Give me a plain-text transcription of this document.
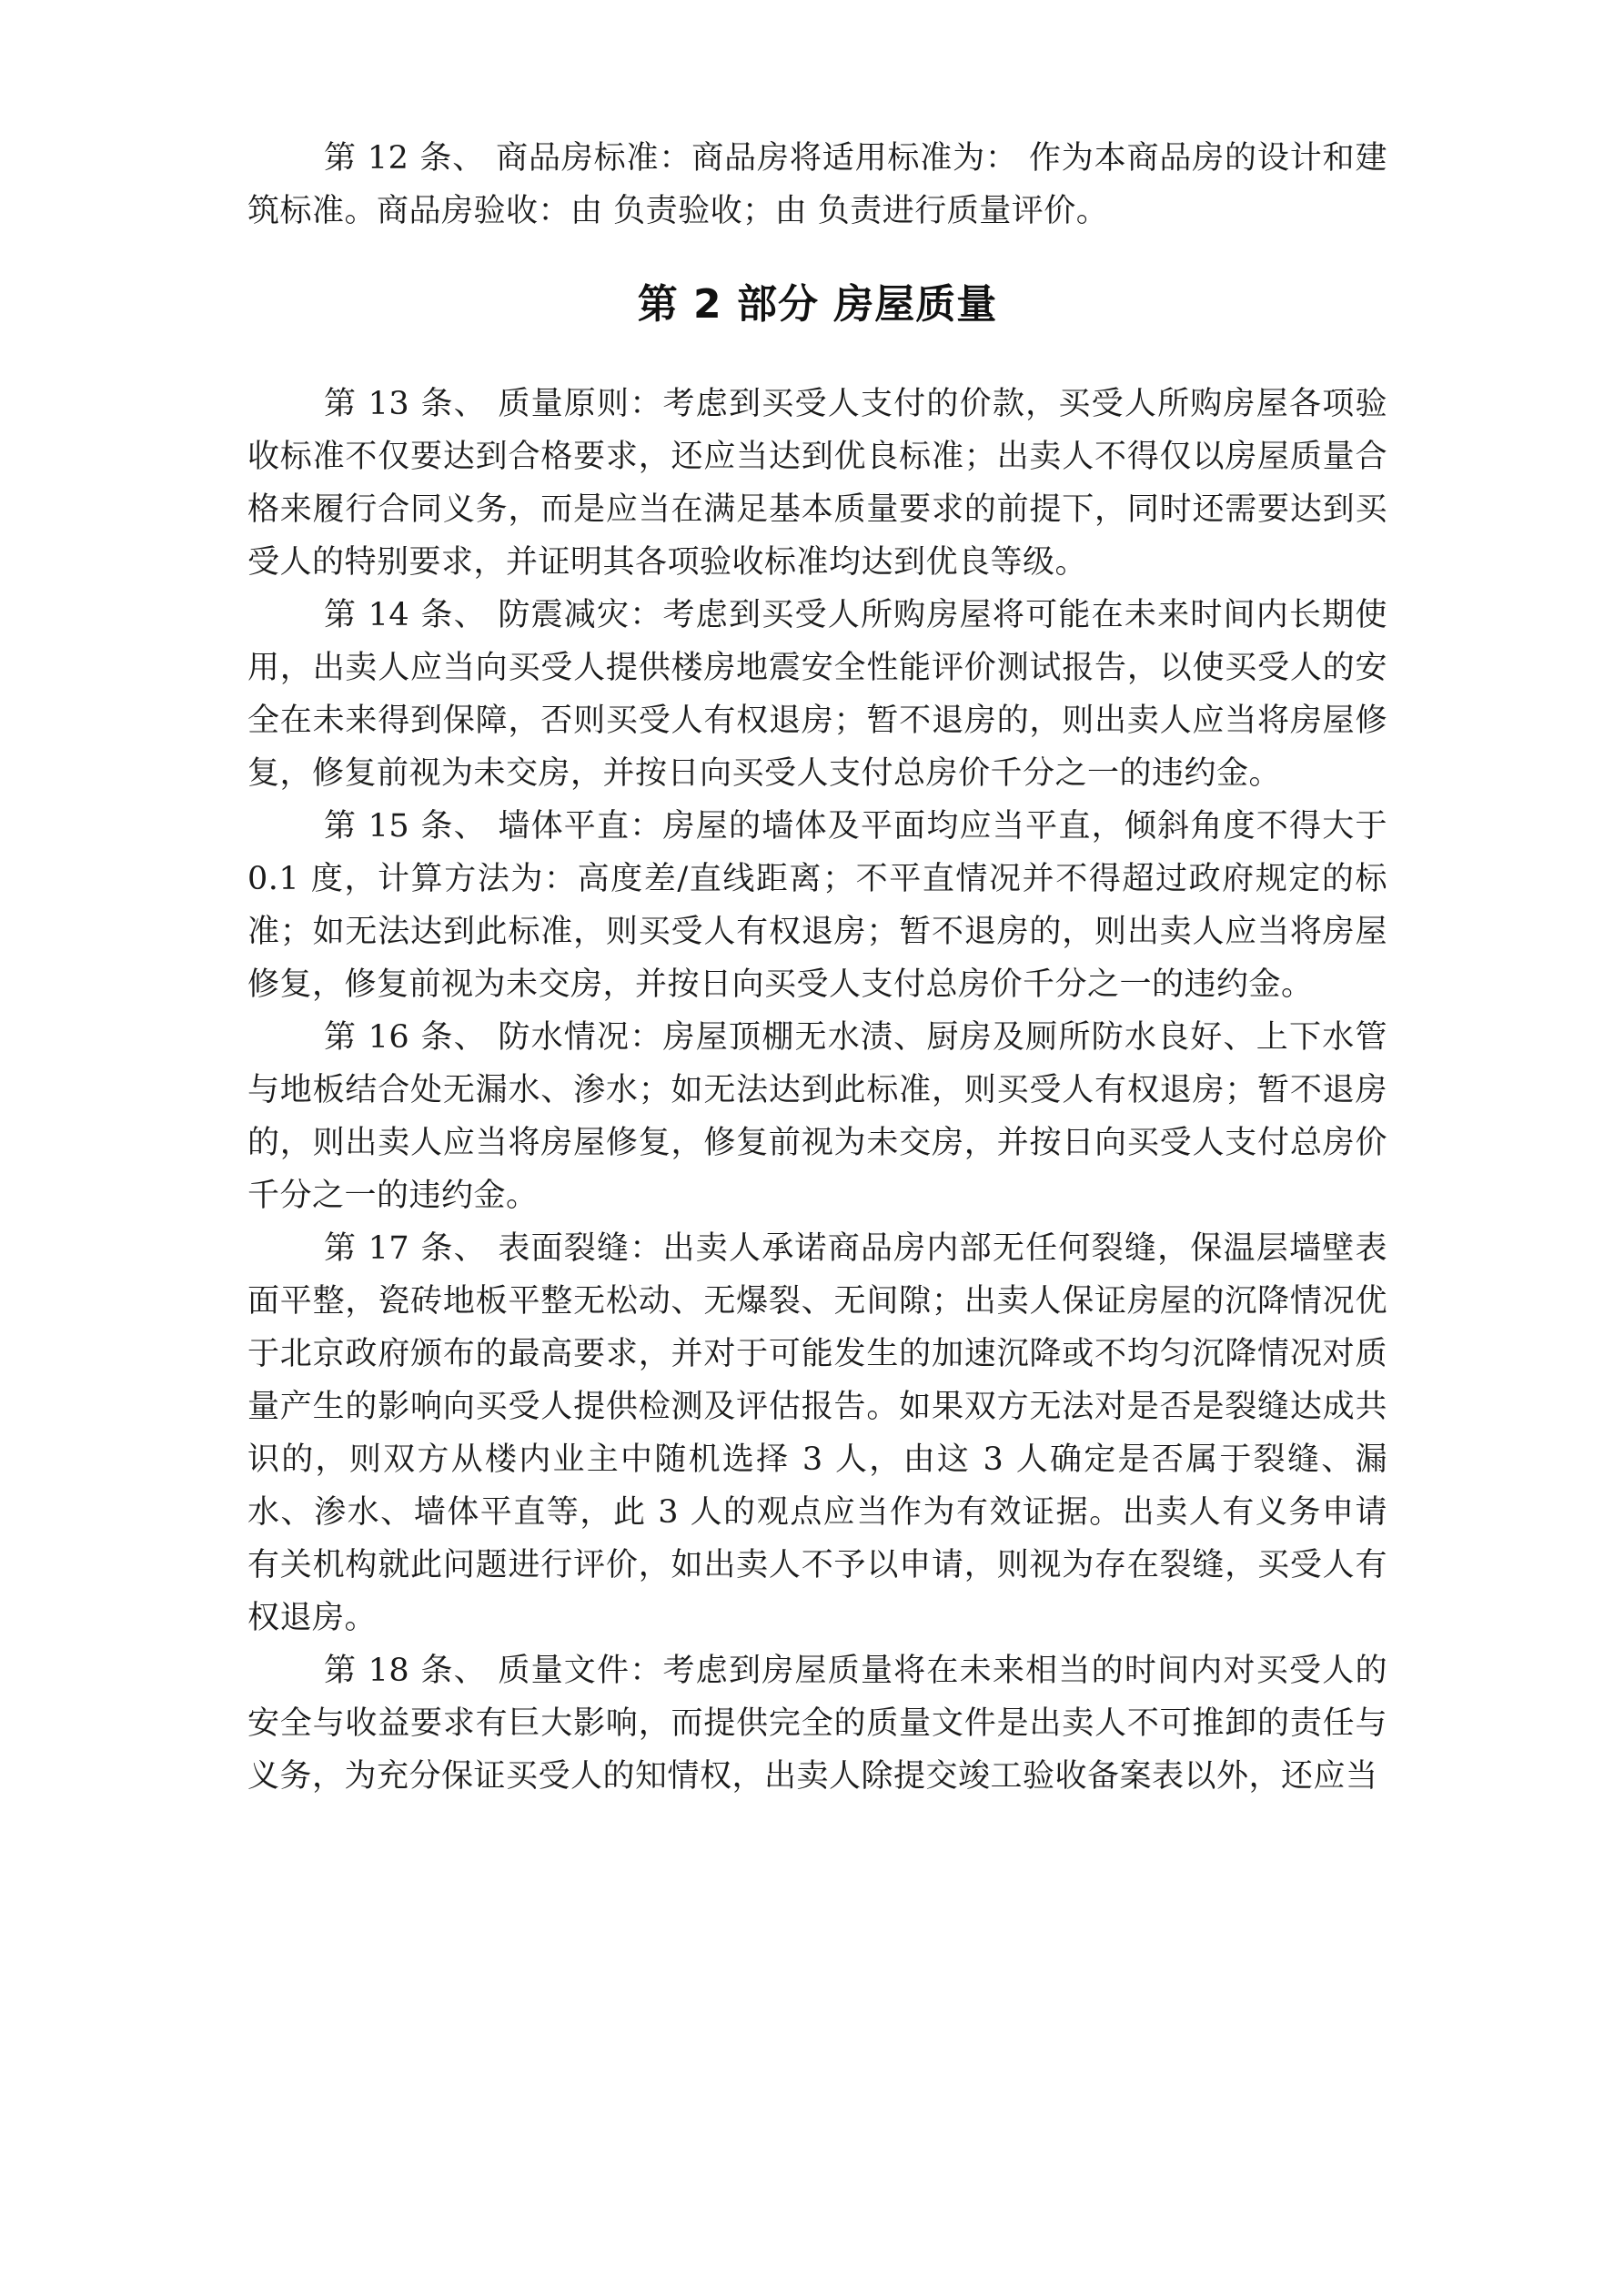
第 12 条、 商品房标准：商品房将适用标准为： 作为本商品房的设计和建筑标准。商品房验收：由 负责验收；由 负责进行质量评价。

第 2 部分 房屋质量

第 13 条、 质量原则：考虑到买受人支付的价款，买受人所购房屋各项验收标准不仅要达到合格要求，还应当达到优良标准；出卖人不得仅以房屋质量合格来履行合同义务，而是应当在满足基本质量要求的前提下，同时还需要达到买受人的特别要求，并证明其各项验收标准均达到优良等级。

第 14 条、 防震减灾：考虑到买受人所购房屋将可能在未来时间内长期使用，出卖人应当向买受人提供楼房地震安全性能评价测试报告，以使买受人的安全在未来得到保障，否则买受人有权退房；暂不退房的，则出卖人应当将房屋修复，修复前视为未交房，并按日向买受人支付总房价千分之一的违约金。

第 15 条、 墙体平直：房屋的墙体及平面均应当平直，倾斜角度不得大于 0.1 度，计算方法为：高度差/直线距离；不平直情况并不得超过政府规定的标准；如无法达到此标准，则买受人有权退房；暂不退房的，则出卖人应当将房屋修复，修复前视为未交房，并按日向买受人支付总房价千分之一的违约金。

第 16 条、 防水情况：房屋顶棚无水渍、厨房及厕所防水良好、上下水管与地板结合处无漏水、渗水；如无法达到此标准，则买受人有权退房；暂不退房的，则出卖人应当将房屋修复，修复前视为未交房，并按日向买受人支付总房价千分之一的违约金。

第 17 条、 表面裂缝：出卖人承诺商品房内部无任何裂缝，保温层墙壁表面平整，瓷砖地板平整无松动、无爆裂、无间隙；出卖人保证房屋的沉降情况优于北京政府颁布的最高要求，并对于可能发生的加速沉降或不均匀沉降情况对质量产生的影响向买受人提供检测及评估报告。如果双方无法对是否是裂缝达成共识的，则双方从楼内业主中随机选择 3 人，由这 3 人确定是否属于裂缝、漏水、渗水、墙体平直等，此 3 人的观点应当作为有效证据。出卖人有义务申请有关机构就此问题进行评价，如出卖人不予以申请，则视为存在裂缝，买受人有权退房。

第 18 条、 质量文件：考虑到房屋质量将在未来相当的时间内对买受人的安全与收益要求有巨大影响，而提供完全的质量文件是出卖人不可推卸的责任与义务，为充分保证买受人的知情权，出卖人除提交竣工验收备案表以外，还应当
